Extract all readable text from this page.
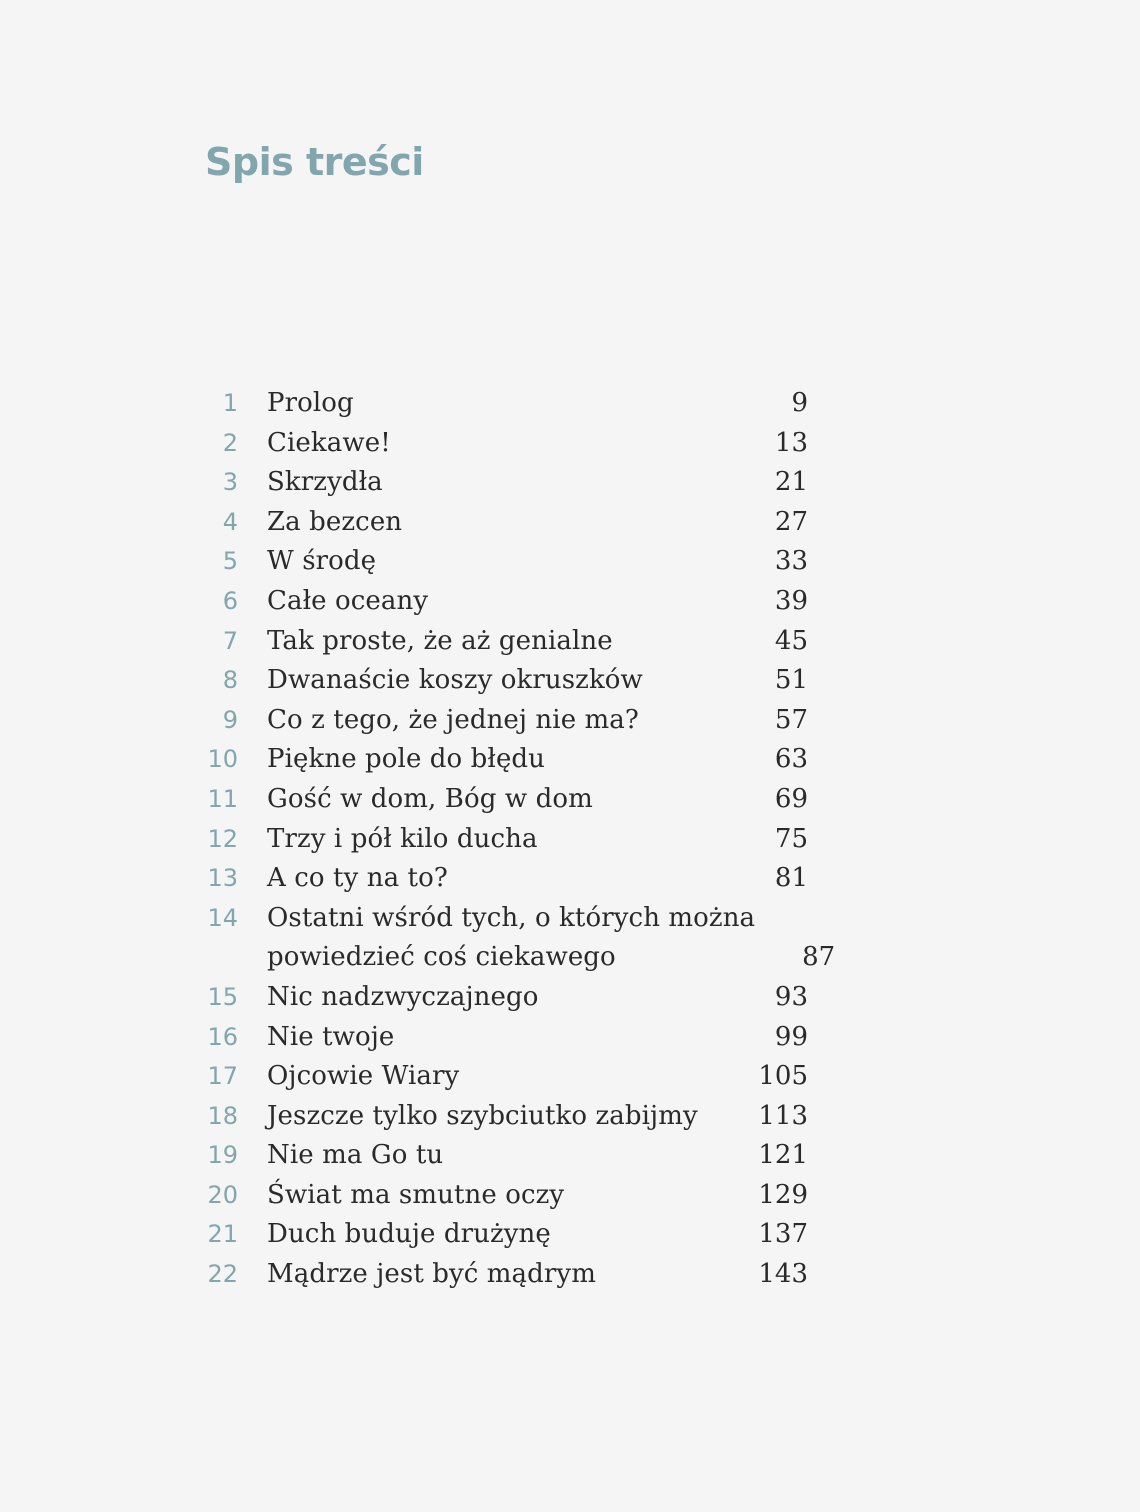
Spis treści
1 Prolog	9
2 Ciekawe!	13
3 Skrzydła	21
4 Za bezcen	27
5 W środę	33
6 Całe oceany	39
7 Tak proste, że aż genialne	45
8 Dwanaście koszy okruszków	51
9 Co z tego, że jednej nie ma?	57
10 Piękne pole do błędu	63
11 Gość w dom, Bóg w dom	69
12 Trzy i pół kilo ducha	75
13 A co ty na to?	81
14 Ostatni wśród tych, o których można
powiedzieć coś ciekawego	87
15 Nic nadzwyczajnego	93
16 Nie twoje	99
17 Ojcowie Wiary	105
18 Jeszcze tylko szybciutko zabijmy	113
19 Nie ma Go tu	121
20 Świat ma smutne oczy	129
21 Duch buduje drużynę	137
22 Mądrze jest być mądrym	143
